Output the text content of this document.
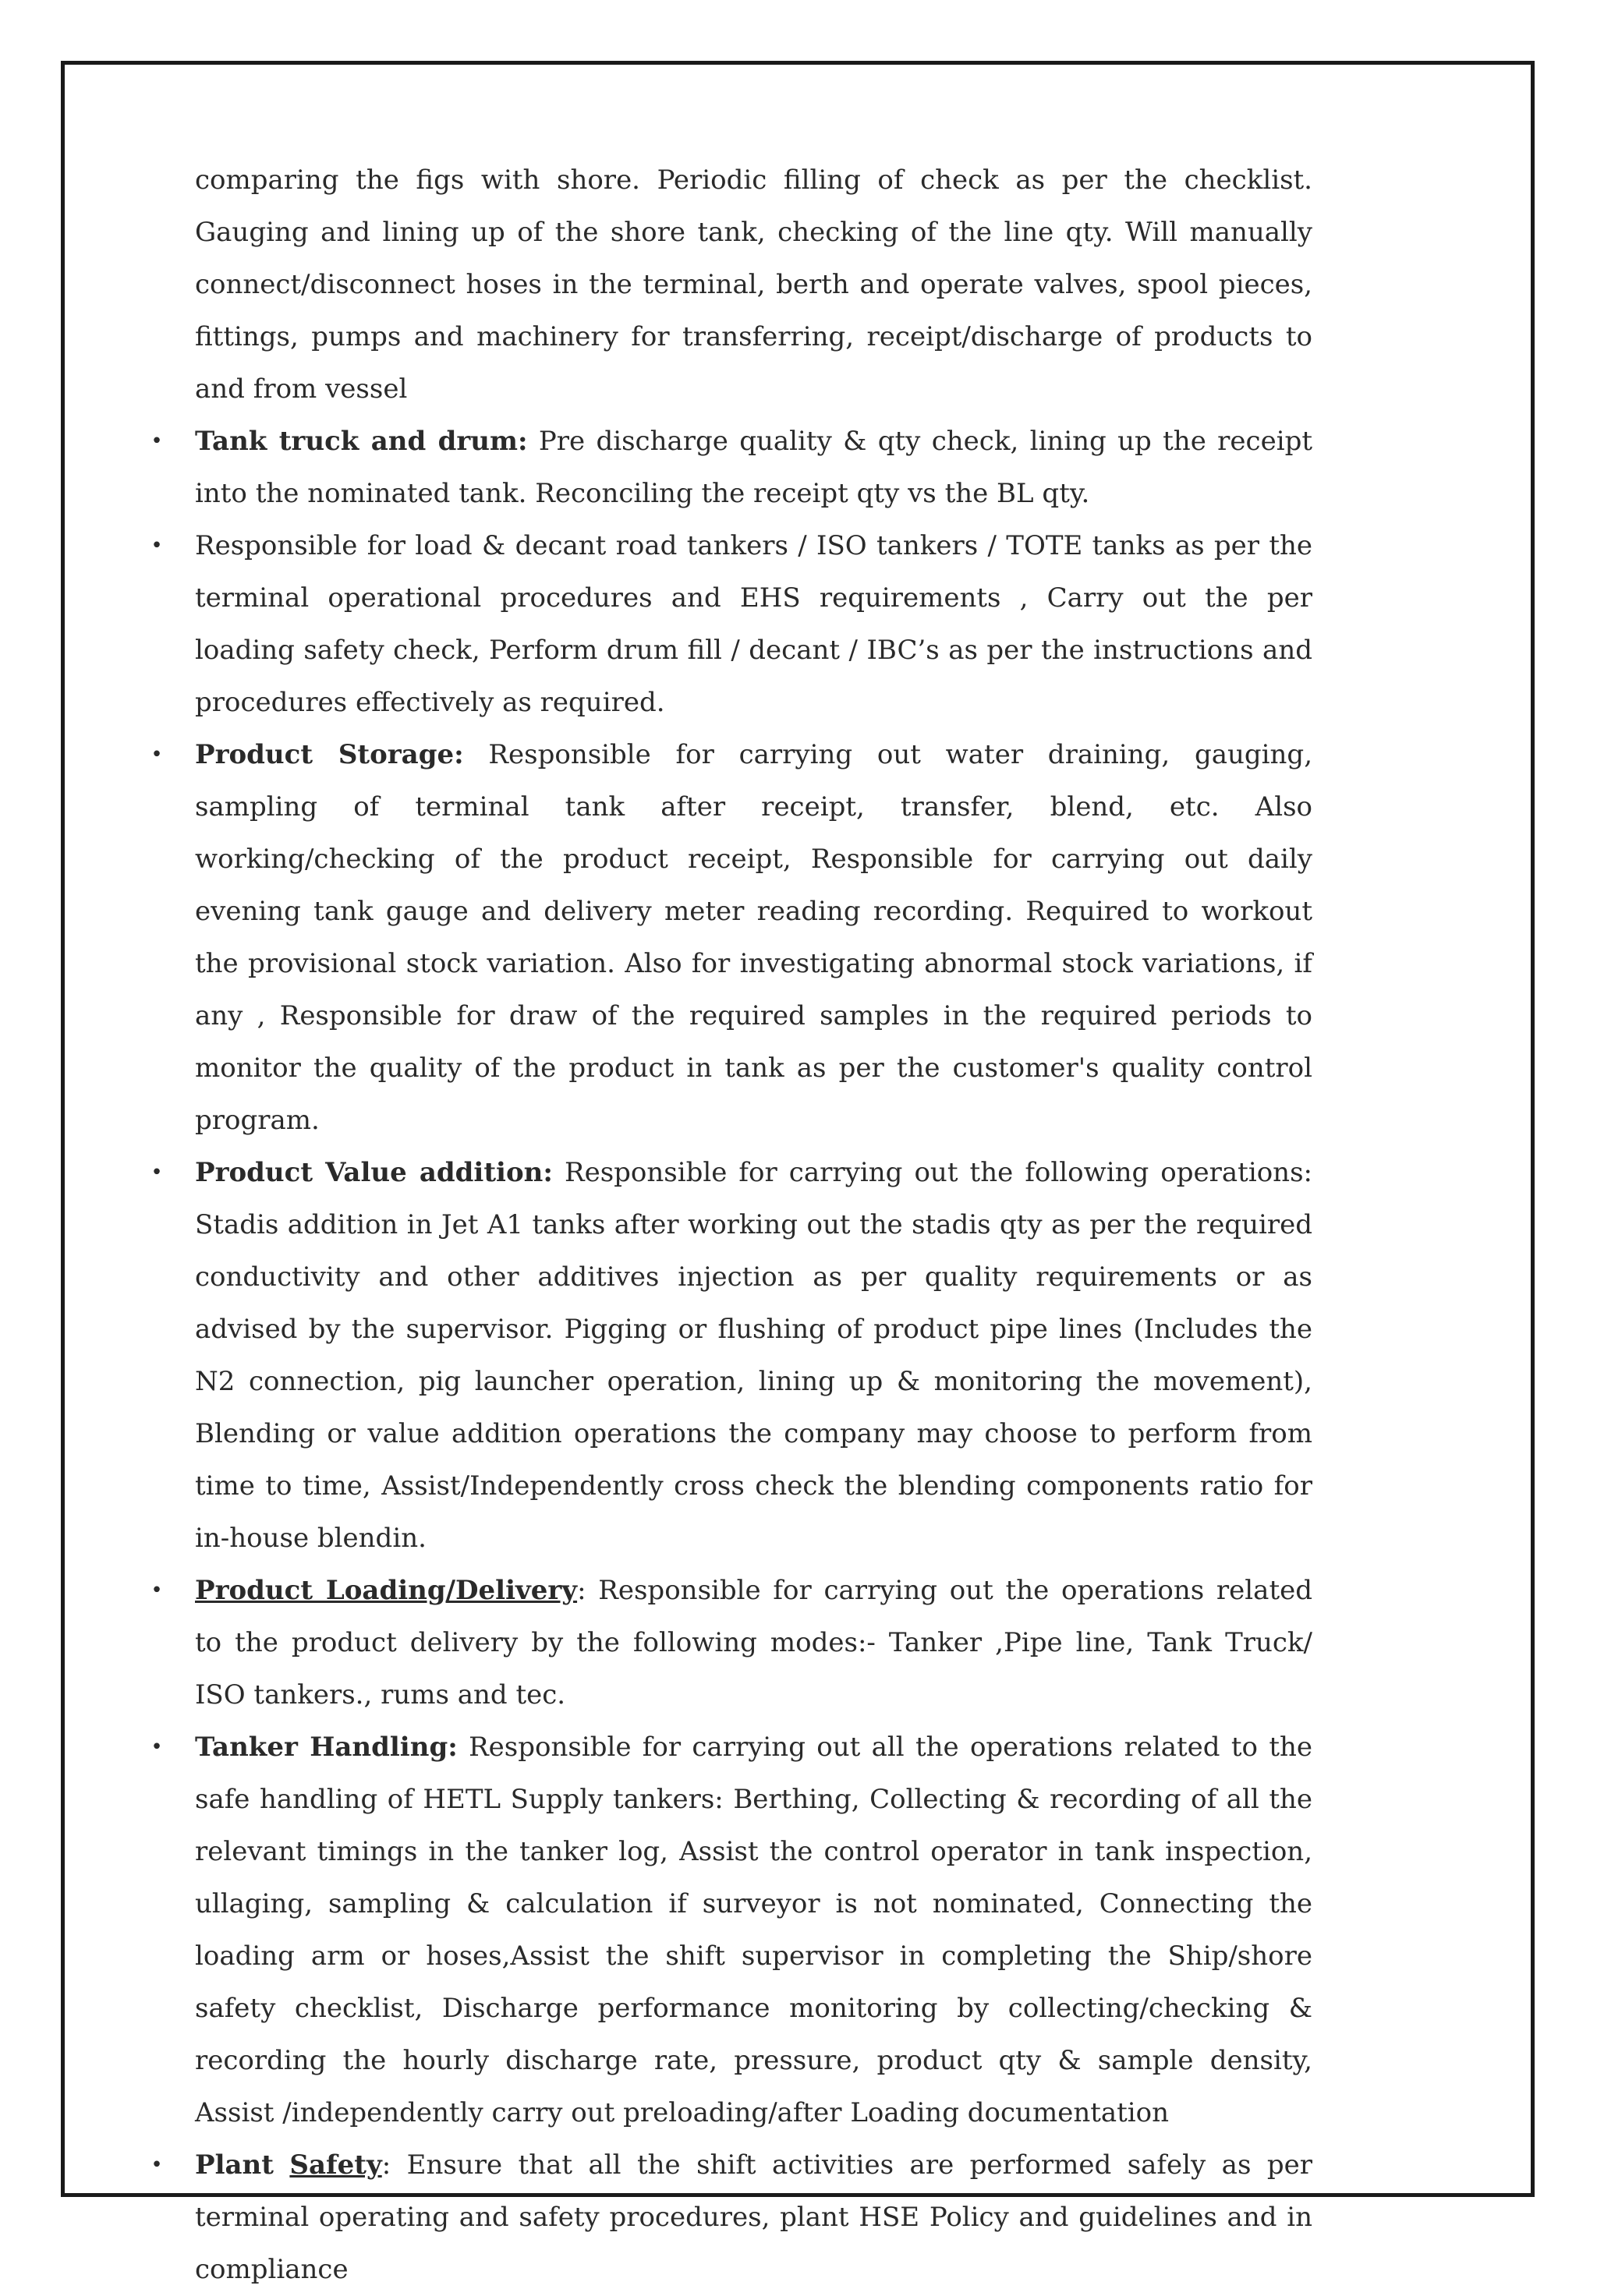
comparing the figs with shore. Periodic filling of check as per the checklist. Gauging and lining up of the shore tank, checking of the line qty. Will manually connect/disconnect hoses in the terminal, berth and operate valves, spool pieces, fittings, pumps and machinery for transferring, receipt/discharge of products to and from vessel

• Tank truck and drum: Pre discharge quality & qty check, lining up the receipt into the nominated tank. Reconciling the receipt qty vs the BL qty.
• Responsible for load & decant road tankers / ISO tankers / TOTE tanks as per the terminal operational procedures and EHS requirements , Carry out the per loading safety check, Perform drum fill / decant / IBC’s as per the instructions and procedures effectively as required.
• Product Storage: Responsible for carrying out water draining, gauging, sampling of terminal tank after receipt, transfer, blend, etc. Also working/checking of the product receipt, Responsible for carrying out daily evening tank gauge and delivery meter reading recording. Required to workout the provisional stock variation. Also for investigating abnormal stock variations, if any , Responsible for draw of the required samples in the required periods to monitor the quality of the product in tank as per the customer's quality control program.
• Product Value addition: Responsible for carrying out the following operations: Stadis addition in Jet A1 tanks after working out the stadis qty as per the required conductivity and other additives injection as per quality requirements or as advised by the supervisor. Pigging or flushing of product pipe lines (Includes the N2 connection, pig launcher operation, lining up & monitoring the movement), Blending or value addition operations the company may choose to perform from time to time, Assist/Independently cross check the blending components ratio for in-house blendin.
• Product Loading/Delivery: Responsible for carrying out the operations related to the product delivery by the following modes:- Tanker ,Pipe line, Tank Truck/ ISO tankers., rums and tec.
• Tanker Handling: Responsible for carrying out all the operations related to the safe handling of HETL Supply tankers: Berthing, Collecting & recording of all the relevant timings in the tanker log, Assist the control operator in tank inspection, ullaging, sampling & calculation if surveyor is not nominated, Connecting the loading arm or hoses,Assist the shift supervisor in completing the Ship/shore safety checklist, Discharge performance monitoring by collecting/checking & recording the hourly discharge rate, pressure, product qty & sample density, Assist /independently carry out preloading/after Loading documentation
• Plant Safety: Ensure that all the shift activities are performed safely as per terminal operating and safety procedures, plant HSE Policy and guidelines and in compliance
